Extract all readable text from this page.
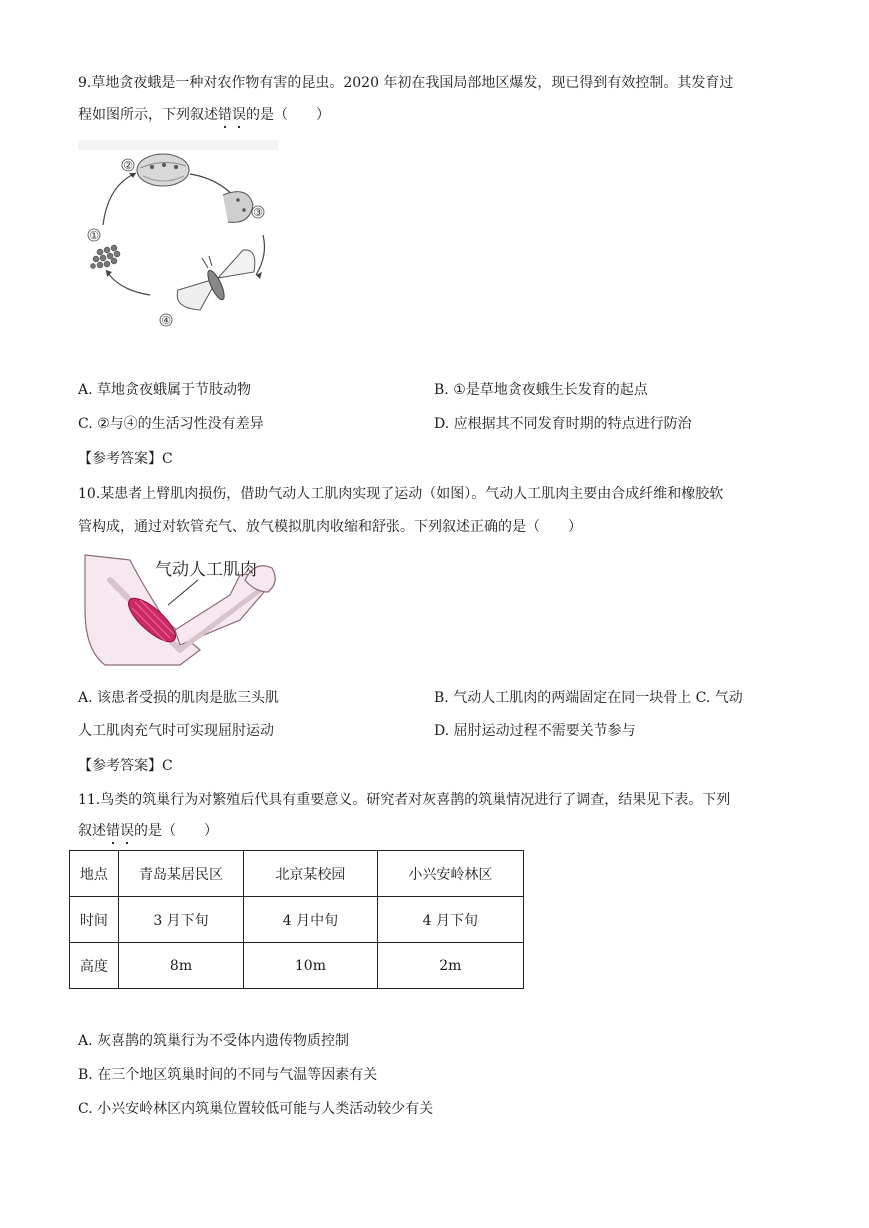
9.草地贪夜蛾是一种对农作物有害的昆虫。2020 年初在我国局部地区爆发，现已得到有效控制。其发育过
程如图所示，下列叙述错误的是（　　）
①
②
③
④
A. 草地贪夜蛾属于节肢动物	B. ①是草地贪夜蛾生长发育的起点
C. ②与④的生活习性没有差异	D. 应根据其不同发育时期的特点进行防治
【参考答案】C
10.某患者上臂肌肉损伤，借助气动人工肌肉实现了运动（如图）。气动人工肌肉主要由合成纤维和橡胶软
管构成，通过对软管充气、放气模拟肌肉收缩和舒张。下列叙述正确的是（　　）
气动人工肌肉
A. 该患者受损的肌肉是肱三头肌	B. 气动人工肌肉的两端固定在同一块骨上 C. 气动
人工肌肉充气时可实现屈肘运动	D. 屈肘运动过程不需要关节参与
【参考答案】C
11.鸟类的筑巢行为对繁殖后代具有重要意义。研究者对灰喜鹊的筑巢情况进行了调查，结果见下表。下列
叙述错误的是（　　）
地点	青岛某居民区	北京某校园	小兴安岭林区
时间	3 月下旬	4 月中旬	4 月下旬
高度	8m	10m	2m
A. 灰喜鹊的筑巢行为不受体内遗传物质控制
B. 在三个地区筑巢时间的不同与气温等因素有关
C. 小兴安岭林区内筑巢位置较低可能与人类活动较少有关
